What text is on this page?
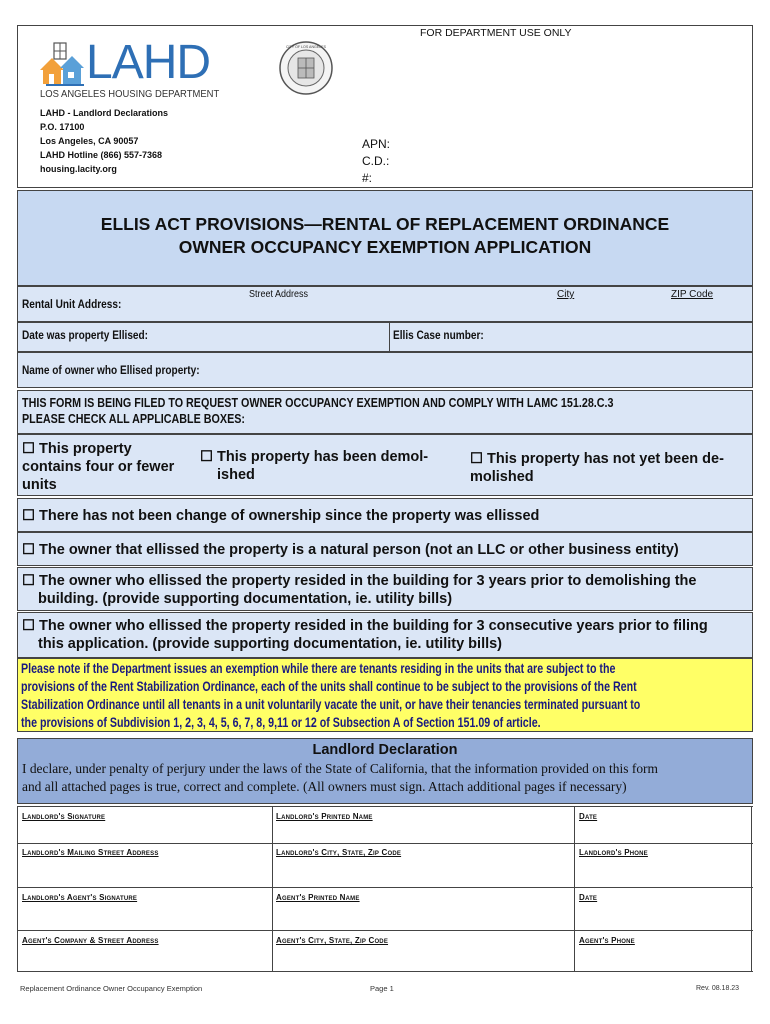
FOR DEPARTMENT USE ONLY
LAHD
LOS ANGELES HOUSING DEPARTMENT
CITY OF LOS ANGELES
LAHD - Landlord Declarations
P.O. 17100
Los Angeles, CA 90057
LAHD Hotline (866) 557-7368
housing.lacity.org
APN:
C.D.:
#:
ELLIS ACT PROVISIONS—RENTAL OF REPLACEMENT ORDINANCE
OWNER OCCUPANCY EXEMPTION APPLICATION
Rental Unit Address:
Street Address	City	ZIP Code
Date was property Ellised:	Ellis Case number:
Name of owner who Ellised property:
THIS FORM IS BEING FILED TO REQUEST OWNER OCCUPANCY EXEMPTION AND COMPLY WITH LAMC 151.28.C.3
PLEASE CHECK ALL APPLICABLE BOXES:
☐ This property
contains four or fewer
units
☐ This property has been demol-
ished
☐ This property has not yet been de-
molished
☐ There has not been change of ownership since the property was ellissed
☐ The owner that ellissed the property is a natural person (not an LLC or other business entity)
☐ The owner who ellissed the property resided in the building for 3 years prior to demolishing the
building. (provide supporting documentation, ie. utility bills)
☐ The owner who ellissed the property resided in the building for 3 consecutive years prior to filing
this application. (provide supporting documentation, ie. utility bills)
Please note if the Department issues an exemption while there are tenants residing in the units that are subject to the
provisions of the Rent Stabilization Ordinance, each of the units shall continue to be subject to the provisions of the Rent
Stabilization Ordinance until all tenants in a unit voluntarily vacate the unit, or have their tenancies terminated pursuant to
the provisions of Subdivision 1, 2, 3, 4, 5, 6, 7, 8, 9,11 or 12 of Subsection A of Section 151.09 of article.
Landlord Declaration
I declare, under penalty of perjury under the laws of the State of California, that the information provided on this form
and all attached pages is true, correct and complete. (All owners must sign. Attach additional pages if necessary)
Landlord's Signature	Landlord's Printed Name	Date
Landlord's Mailing Street Address	Landlord's City, State, Zip Code	Landlord's Phone
Landlord's Agent's Signature	Agent's Printed Name	Date
Agent's Company & Street Address	Agent's City, State, Zip Code	Agent's Phone
Replacement Ordinance Owner Occupancy Exemption	Page 1	Rev. 08.18.23
